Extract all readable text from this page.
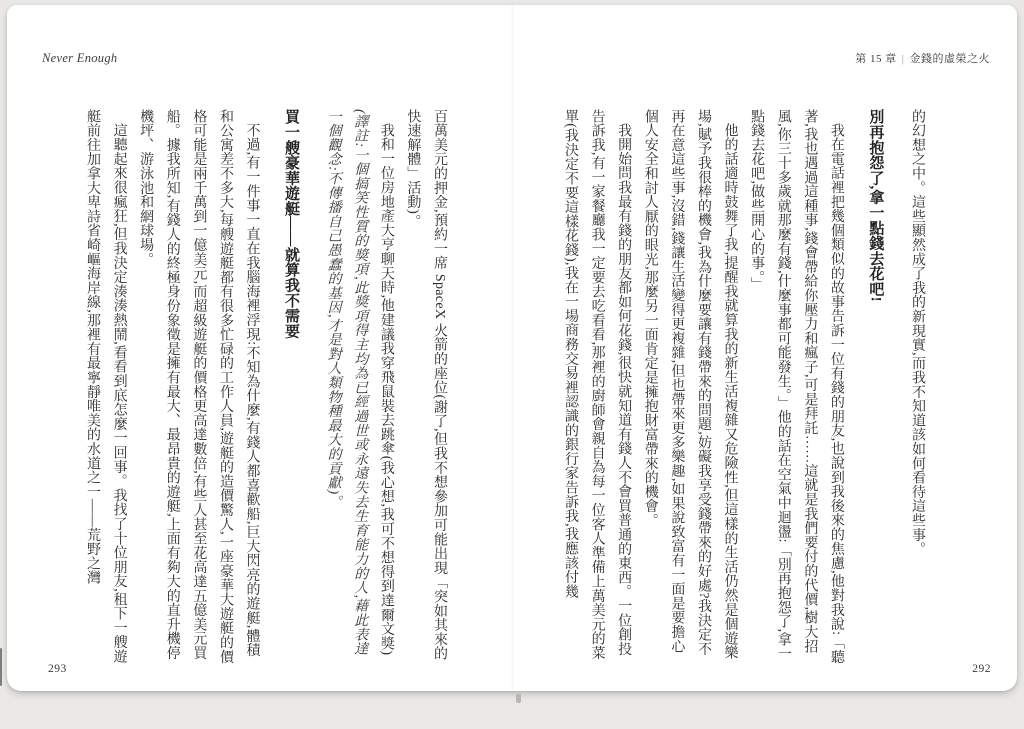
Never Enough

百萬美元的押金,預約一席 SpaceX 火箭的座位(謝了,但我不想參加可能出現「突如其來的快速解體」活動)。

我和一位房地產大亨聊天時,他建議我穿飛鼠裝去跳傘(我心想,我可不想得到達爾文獎)(譯註:一個搞笑性質的獎項,此獎項得主均為已經過世或永遠失去生育能力的人,藉此表達一個觀念:不傳播自己愚蠢的基因,才是對人類物種最大的貢獻)。

買一艘豪華遊艇——就算我不需要

不過,有一件事一直在我腦海裡浮現:不知為什麼,有錢人都喜歡船,巨大閃亮的遊艇,體積和公寓差不多大,每艘遊艇都有很多忙碌的工作人員,遊艇的造價驚人,一座豪華大遊艇的價格可能是兩千萬到一億美元,而超級遊艇的價格更高達數倍,有些人甚至花高達五億美元買船。據我所知,有錢人的終極身份象徵是擁有最大、最昂貴的遊艇,上面有夠大的直升機停機坪、游泳池和網球場。

這聽起來很瘋狂,但我決定湊湊熱鬧,看看到底怎麼一回事。我找了十位朋友,租下一艘遊艇前往加拿大卑詩省崎嶇海岸線,那裡有最寧靜唯美的水道之一——荒野之灣

293
第 15 章 | 金錢的虛榮之火

的幻想之中。這些顯然成了我的新現實,而我不知道該如何看待這些事。

別再抱怨了,拿一點錢去花吧!

我在電話裡把幾個類似的故事告訴一位有錢的朋友,也說到我後來的焦慮,他對我說:「聽著,我也遇過這種事,錢會帶給你壓力和瘋子,可是拜託……這就是我們要付的代價,樹大招風,你三十多歲就那麼有錢,什麼事都可能發生。」他的話在空氣中迴盪:「別再抱怨了,拿一點錢去花吧,做些開心的事。」

他的話適時鼓舞了我,提醒我就算我的新生活複雜又危險性,但這樣的生活仍然是個遊樂場,賦予我很棒的機會,我為什麼要讓有錢帶來的問題,妨礙我享受錢帶來的好處?我決定不再在意這些事,沒錯,錢讓生活變得更複雜,但也帶來更多樂趣,如果說致富有一面是要擔心個人安全和討人厭的眼光,那麼另一面肯定是擁抱財富帶來的機會。

我開始問我最有錢的朋友都如何花錢,很快就知道有錢人不會買普通的東西。一位創投告訴我,有一家餐廳我一定要去吃看看,那裡的廚師會親自為每一位客人準備上萬美元的菜單(我決定不要這樣花錢),我在一場商務交易裡認識的銀行家告訴我,我應該付幾

292
